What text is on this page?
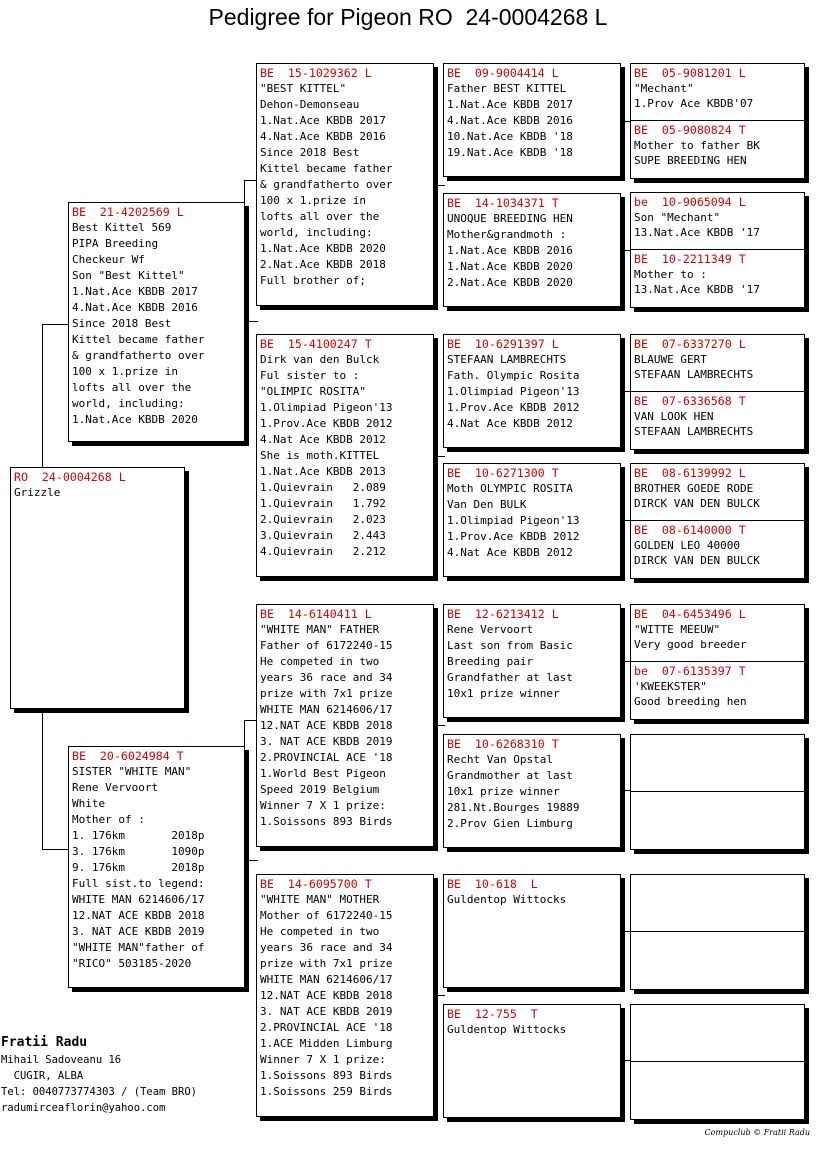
Pedigree for Pigeon RO  24-0004268 L
RO  24-0004268 L
Grizzle
BE  21-4202569 L
Best Kittel 569
PIPA Breeding
Checkeur Wf
Son "Best Kittel"
1.Nat.Ace KBDB 2017
4.Nat.Ace KBDB 2016
Since 2018 Best
Kittel became father
& grandfatherto over
100 x 1.prize in
lofts all over the
world, including:
1.Nat.Ace KBDB 2020
BE  20-6024984 T
SISTER "WHITE MAN"
Rene Vervoort
White
Mother of :
1. 176km       2018p
3. 176km       1090p
9. 176km       2018p
Full sist.to legend:
WHITE MAN 6214606/17
12.NAT ACE KBDB 2018
3. NAT ACE KBDB 2019
"WHITE MAN"father of
"RICO" 503185-2020
BE  15-1029362 L
"BEST KITTEL"
Dehon-Demonseau
1.Nat.Ace KBDB 2017
4.Nat.Ace KBDB 2016
Since 2018 Best
Kittel became father
& grandfatherto over
100 x 1.prize in
lofts all over the
world, including:
1.Nat.Ace KBDB 2020
2.Nat.Ace KBDB 2018
Full brother of;
BE  15-4100247 T
Dirk van den Bulck
Ful sister to :
"OLIMPIC ROSITA"
1.Olimpiad Pigeon'13
1.Prov.Ace KBDB 2012
4.Nat Ace KBDB 2012
She is moth.KITTEL
1.Nat.Ace KBDB 2013
1.Quievrain   2.089
1.Quievrain   1.792
2.Quievrain   2.023
3.Quievrain   2.443
4.Quievrain   2.212
BE  14-6140411 L
"WHITE MAN" FATHER
Father of 6172240-15
He competed in two
years 36 race and 34
prize with 7x1 prize
WHITE MAN 6214606/17
12.NAT ACE KBDB 2018
3. NAT ACE KBDB 2019
2.PROVINCIAL ACE '18
1.World Best Pigeon
Speed 2019 Belgium
Winner 7 X 1 prize:
1.Soissons 893 Birds
BE  14-6095700 T
"WHITE MAN" MOTHER
Mother of 6172240-15
He competed in two
years 36 race and 34
prize with 7x1 prize
WHITE MAN 6214606/17
12.NAT ACE KBDB 2018
3. NAT ACE KBDB 2019
2.PROVINCIAL ACE '18
1.ACE Midden Limburg
Winner 7 X 1 prize:
1.Soissons 893 Birds
1.Soissons 259 Birds
BE  09-9004414 L
Father BEST KITTEL
1.Nat.Ace KBDB 2017
4.Nat.Ace KBDB 2016
10.Nat.Ace KBDB '18
19.Nat.Ace KBDB '18
BE  14-1034371 T
UNOQUE BREEDING HEN
Mother&grandmoth :
1.Nat.Ace KBDB 2016
1.Nat.Ace KBDB 2020
2.Nat.Ace KBDB 2020
BE  10-6291397 L
STEFAAN LAMBRECHTS
Fath. Olympic Rosita
1.Olimpiad Pigeon'13
1.Prov.Ace KBDB 2012
4.Nat Ace KBDB 2012
BE  10-6271300 T
Moth OLYMPIC ROSITA
Van Den BULK
1.Olimpiad Pigeon'13
1.Prov.Ace KBDB 2012
4.Nat Ace KBDB 2012
BE  12-6213412 L
Rene Vervoort
Last son from Basic
Breeding pair
Grandfather at last
10x1 prize winner
BE  10-6268310 T
Recht Van Opstal
Grandmother at last
10x1 prize winner
281.Nt.Bourges 19889
2.Prov Gien Limburg
BE  10-618  L
Guldentop Wittocks
BE  12-755  T
Guldentop Wittocks
BE  05-9081201 L
"Mechant"
1.Prov Ace KBDB'07
BE  05-9080824 T
Mother to father BK
SUPE BREEDING HEN
be  10-9065094 L
Son "Mechant"
13.Nat.Ace KBDB '17
BE  10-2211349 T
Mother to :
13.Nat.Ace KBDB '17
BE  07-6337270 L
BLAUWE GERT
STEFAAN LAMBRECHTS
BE  07-6336568 T
VAN LOOK HEN
STEFAAN LAMBRECHTS
BE  08-6139992 L
BROTHER GOEDE RODE
DIRCK VAN DEN BULCK
BE  08-6140000 T
GOLDEN LEO 40000
DIRCK VAN DEN BULCK
BE  04-6453496 L
"WITTE MEEUW"
Very good breeder
be  07-6135397 T
'KWEEKSTER"
Good breeding hen
Fratii Radu
Mihail Sadoveanu 16
CUGIR, ALBA
Tel: 0040773774303 / (Team BRO)
radumirceaflorin@yahoo.com
Compuclub © Fratii Radu
